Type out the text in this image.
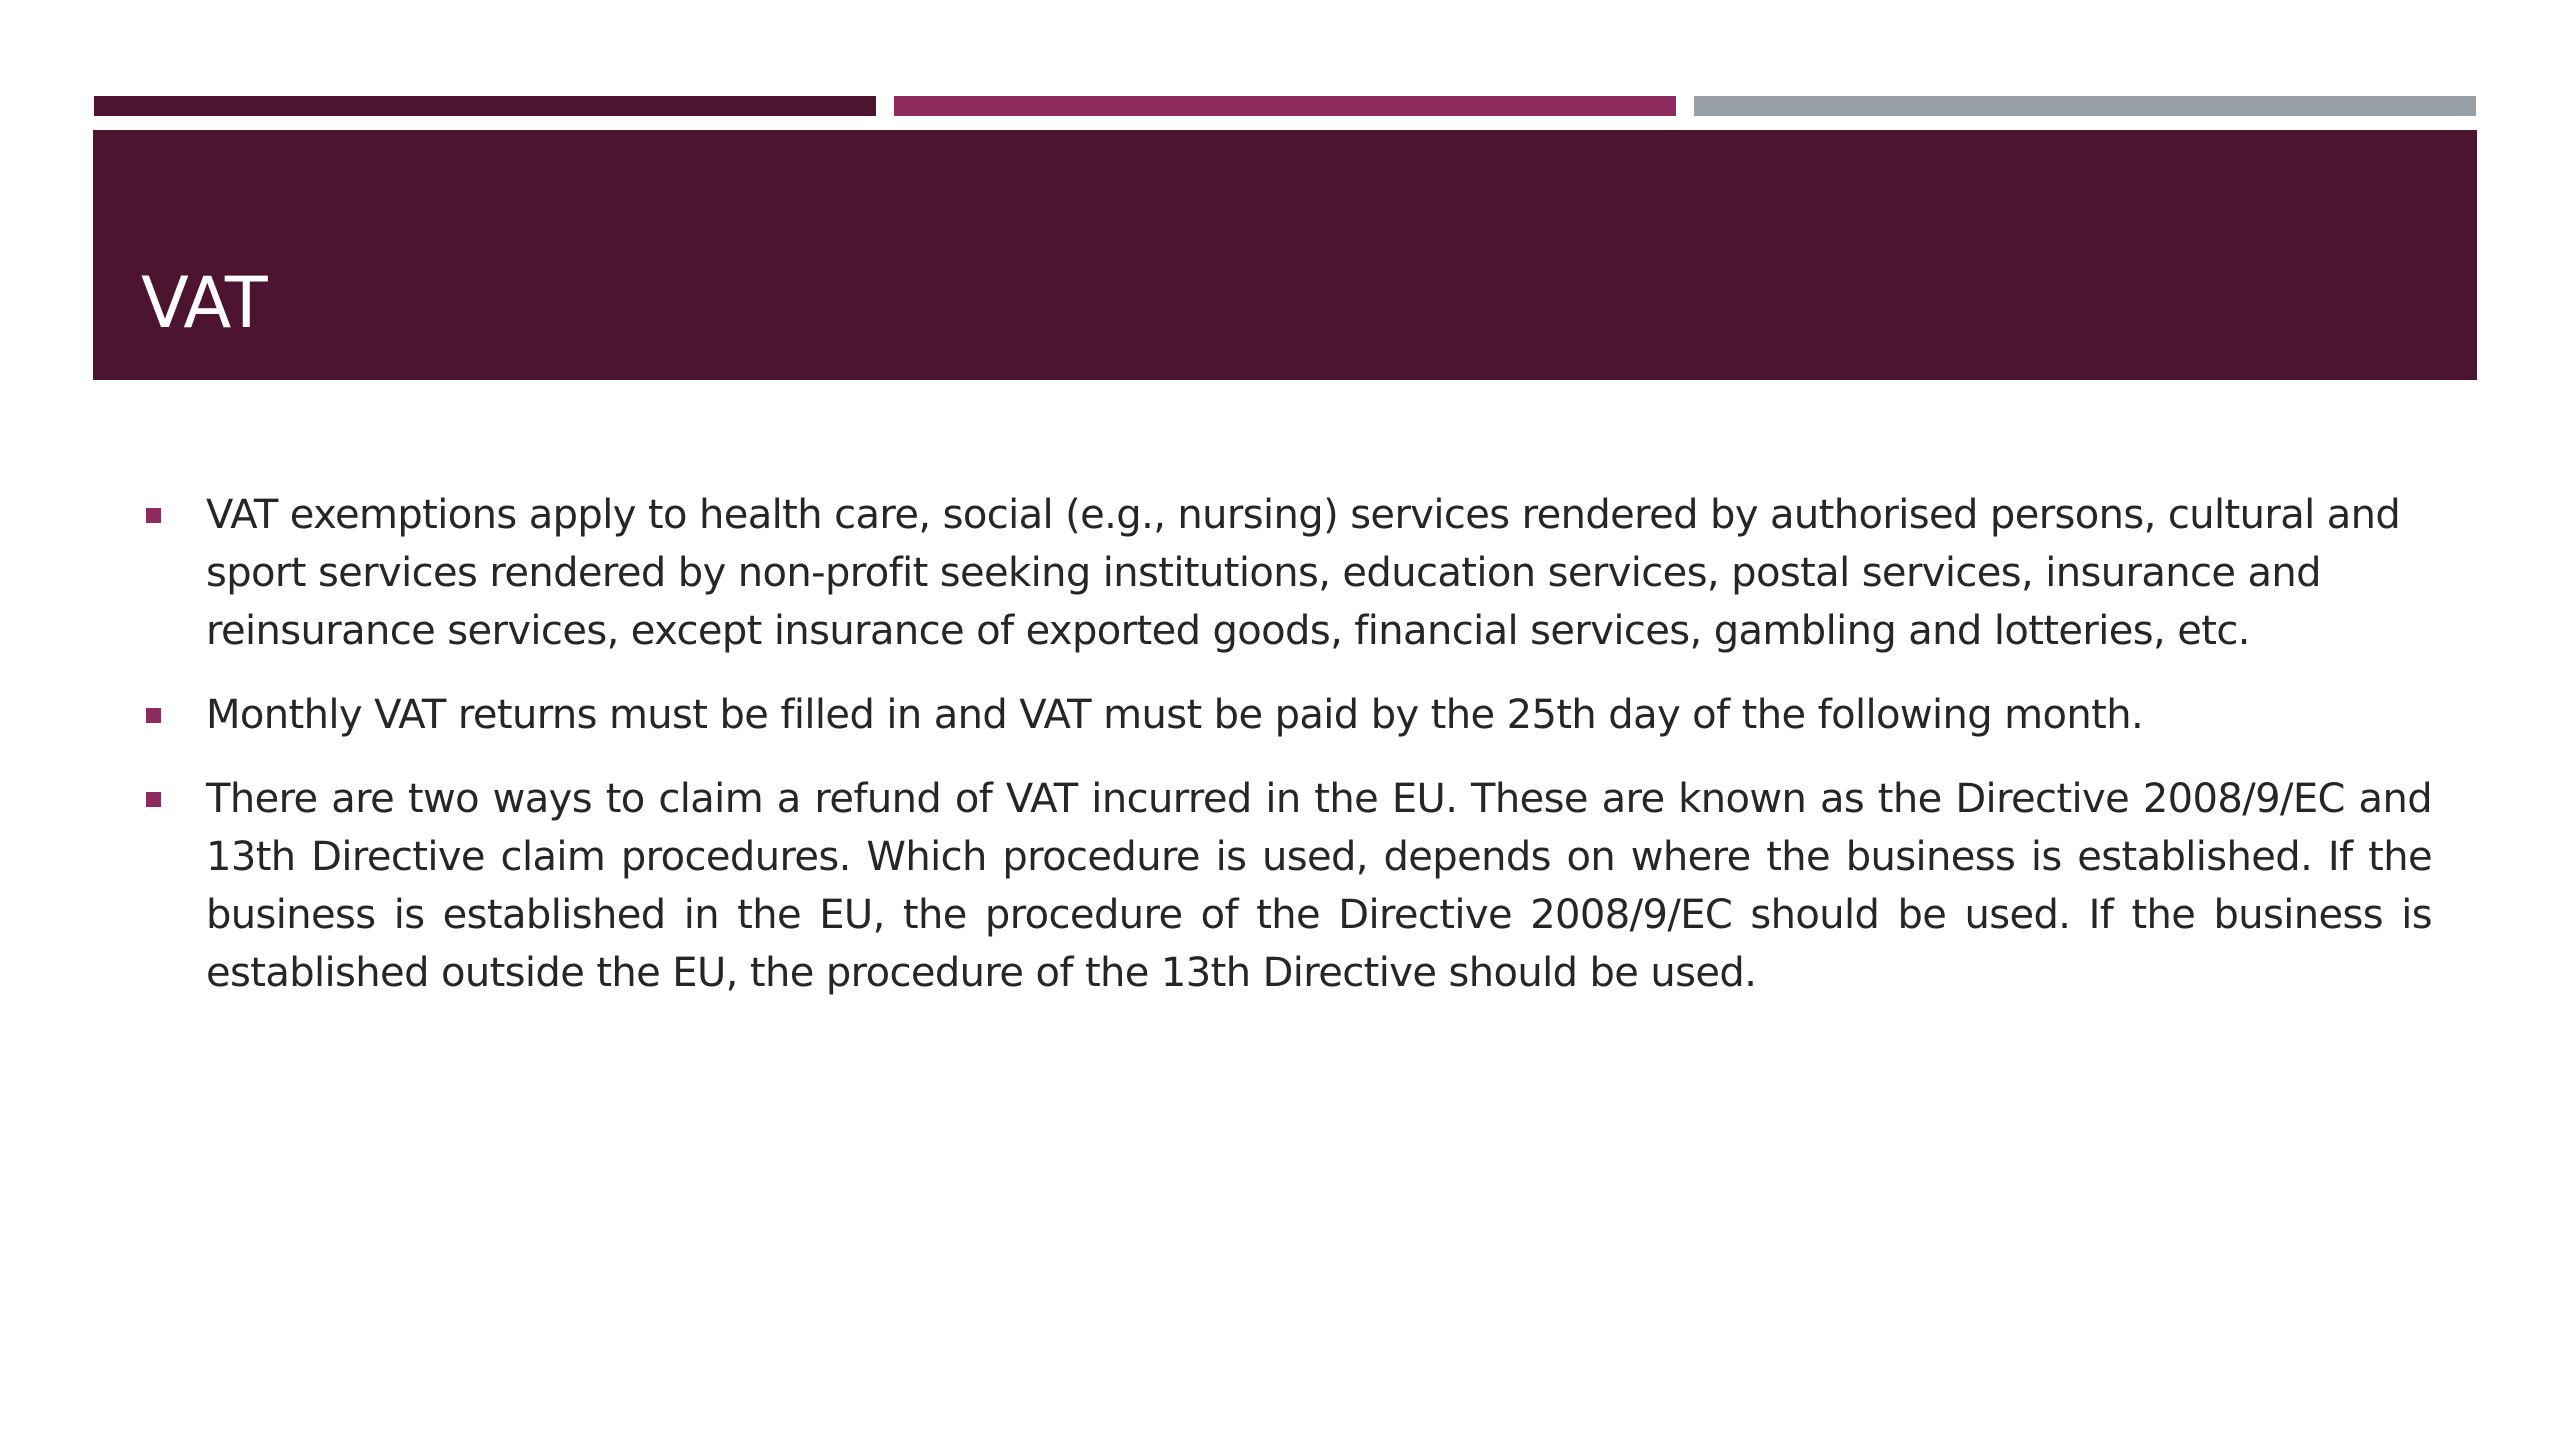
VAT
VAT exemptions apply to health care, social (e.g., nursing) services rendered by authorised persons, cultural and sport services rendered by non-profit seeking institutions, education services, postal services, insurance and reinsurance services, except insurance of exported goods, financial services, gambling and lotteries, etc.
Monthly VAT returns must be filled in and VAT must be paid by the 25th day of the following month.
There are two ways to claim a refund of VAT incurred in the EU. These are known as the Directive 2008/9/EC and 13th Directive claim procedures. Which procedure is used, depends on where the business is established. If the business is established in the EU, the procedure of the Directive 2008/9/EC should be used. If the business is established outside the EU, the procedure of the 13th Directive should be used.
